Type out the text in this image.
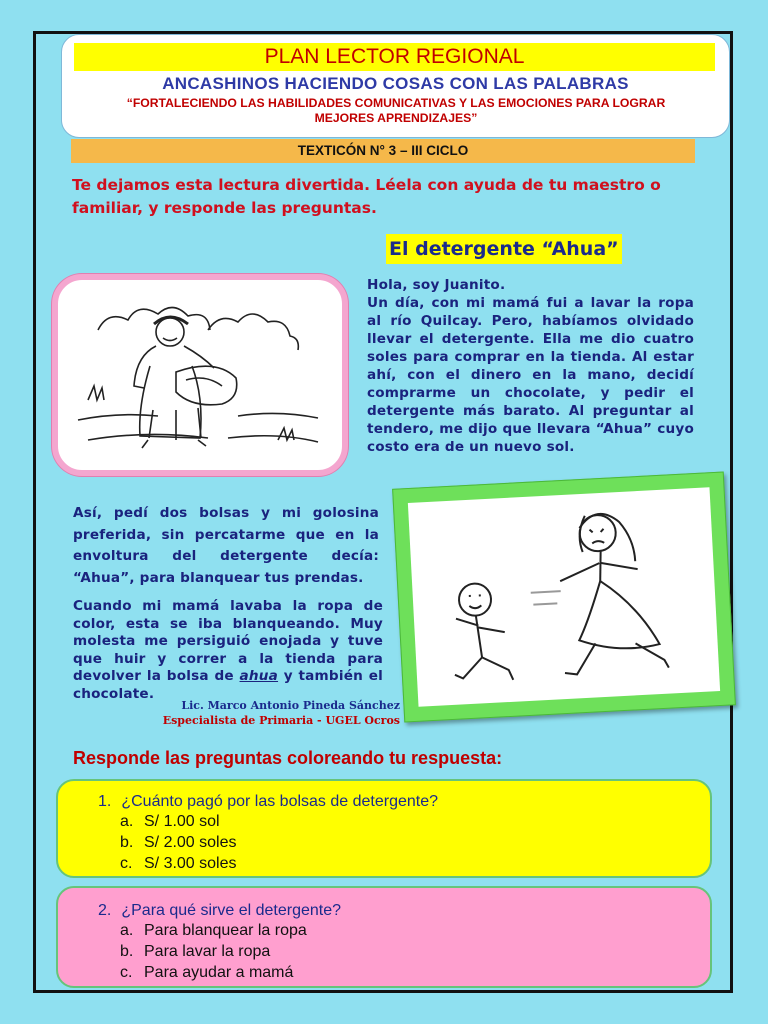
PLAN LECTOR REGIONAL
ANCASHINOS HACIENDO COSAS CON LAS PALABRAS
“FORTALECIENDO LAS HABILIDADES COMUNICATIVAS Y LAS EMOCIONES PARA LOGRAR MEJORES APRENDIZAJES”
TEXTICÓN N° 3 – III CICLO
Te dejamos esta lectura divertida. Léela con ayuda de tu maestro o familiar, y responde las preguntas.
El detergente “Ahua”
Hola, soy Juanito.
Un día, con mi mamá fui a lavar la ropa al río Quilcay. Pero, habíamos olvidado llevar el detergente. Ella me dio cuatro soles para comprar en la tienda. Al estar ahí, con el dinero en la mano, decidí comprarme un chocolate, y pedir el detergente más barato. Al preguntar al tendero, me dijo que llevara “Ahua” cuyo costo era de un nuevo sol.
Así, pedí dos bolsas y mi golosina preferida, sin percatarme que en la envoltura del detergente decía: “Ahua”, para blanquear tus prendas.
Cuando mi mamá lavaba la ropa de color, esta se iba blanqueando. Muy molesta me persiguió enojada y tuve que huir y correr a la tienda para devolver la bolsa de ahua y también el chocolate.
Lic. Marco Antonio Pineda Sánchez
Especialista de Primaria - UGEL Ocros
Responde las preguntas coloreando tu respuesta:
1. ¿Cuánto pagó por las bolsas de detergente?
a. S/ 1.00 sol
b. S/ 2.00 soles
c. S/ 3.00 soles
2. ¿Para qué sirve el detergente?
a. Para blanquear la ropa
b. Para lavar la ropa
c. Para ayudar a mamá
